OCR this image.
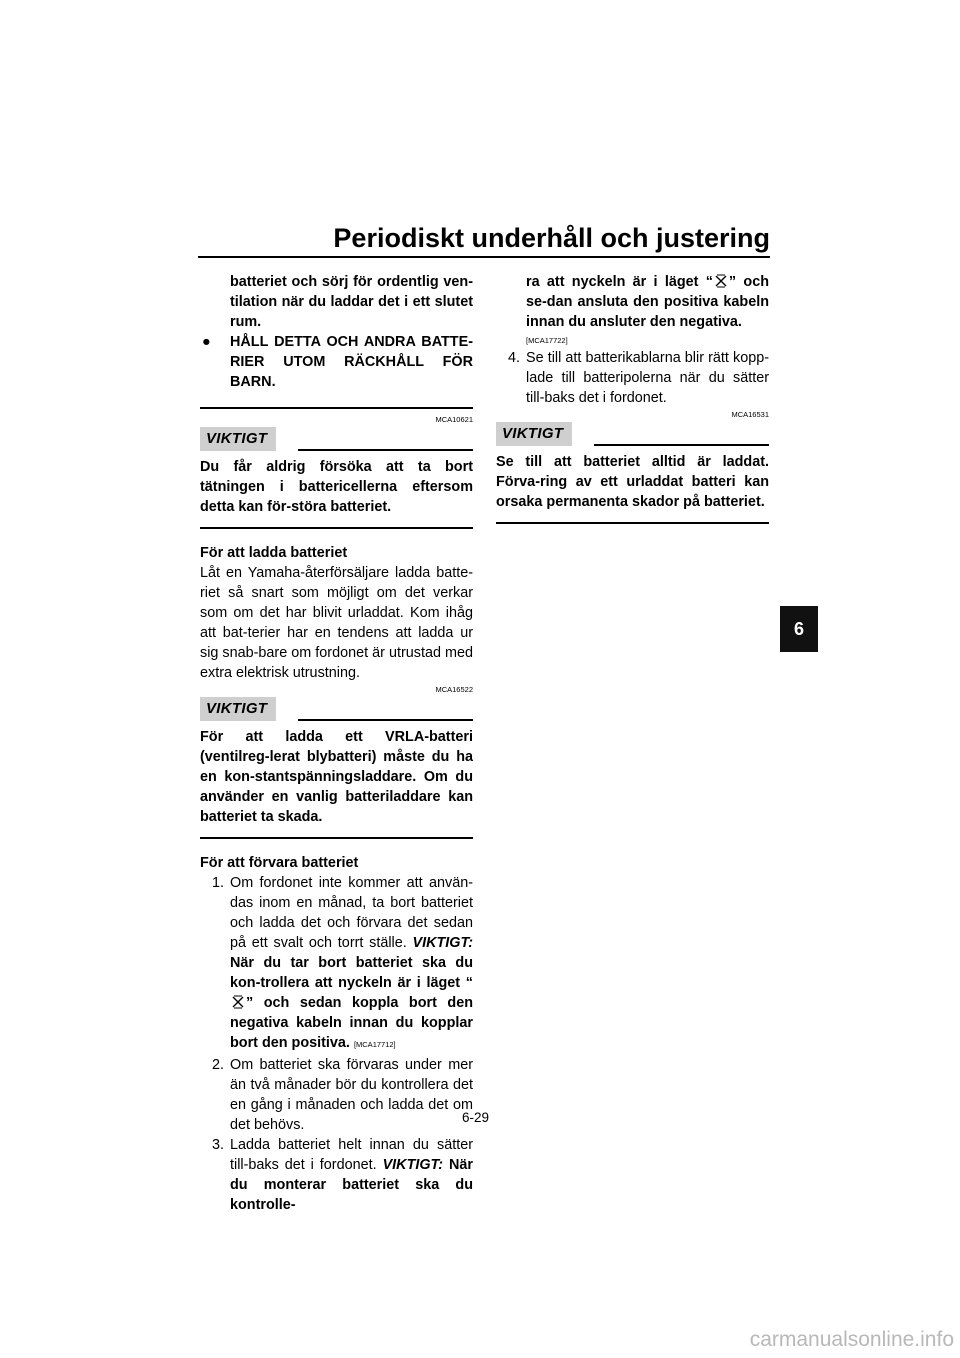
Periodiskt underhåll och justering
6

batteriet och sörj för ordentlig ven-tilation när du laddar det i ett slutet rum.

●	HÅLL DETTA OCH ANDRA BATTE-RIER UTOM RÄCKHÅLL FÖR BARN.
MCA10621
VIKTIGT

Du får aldrig försöka att ta bort tätningen i battericellerna eftersom detta kan för-störa batteriet.

För att ladda batteriet

Låt en Yamaha-återförsäljare ladda batte-riet så snart som möjligt om det verkar som om det har blivit urladdat. Kom ihåg att bat-terier har en tendens att ladda ur sig snab-bare om fordonet är utrustad med extra elektrisk utrustning.

MCA16522
VIKTIGT

För att ladda ett VRLA-batteri (ventilreg-lerat blybatteri) måste du ha en kon-stantspänningsladdare. Om du använder en vanlig batteriladdare kan batteriet ta skada.

För att förvara batteriet

1. Om fordonet inte kommer att använ-das inom en månad, ta bort batteriet och ladda det och förvara det sedan på ett svalt och torrt ställe. VIKTIGT: När du tar bort batteriet ska du kon-trollera att nyckeln är i läget “” och sedan koppla bort den negativa kabeln innan du kopplar bort den positiva. [MCA17712]
2. Om batteriet ska förvaras under mer än två månader bör du kontrollera det en gång i månaden och ladda det om det behövs.
3. Ladda batteriet helt innan du sätter till-baks det i fordonet. VIKTIGT: När du monterar batteriet ska du kontrolle-

ra att nyckeln är i läget “ ” och se-dan ansluta den positiva kabeln innan du ansluter den negativa.

[MCA17722]
4. Se till att batterikablarna blir rätt kopp-lade till batteripolerna när du sätter till-baks det i fordonet.
MCA16531
VIKTIGT

Se till att batteriet alltid är laddat. Förva-ring av ett urladdat batteri kan orsaka permanenta skador på batteriet.

6-29
carmanualsonline.info
